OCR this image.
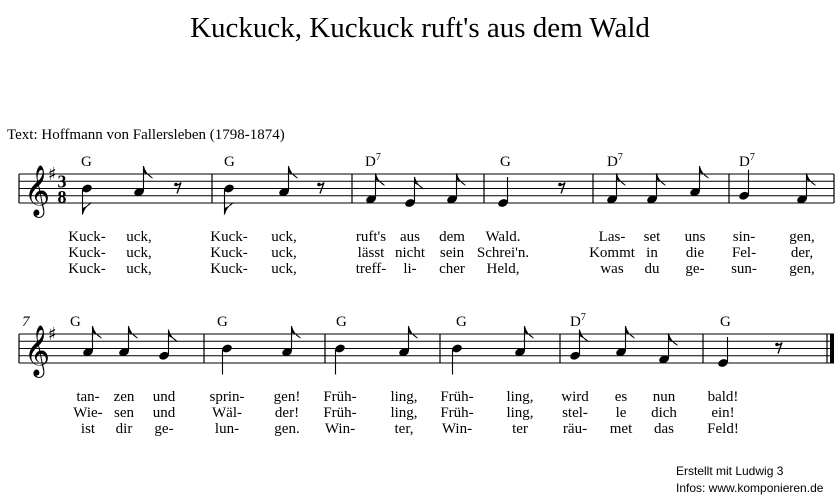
Kuckuck, Kuckuck ruft's aus dem Wald
Text: Hoffmann von Fallersleben (1798-1874)
Erstellt mit Ludwig 3
Infos: www.komponieren.de
𝄞
♯ 3
8
𝄞
♯
7
G	G	$D^7$	G	$D^7$	$D^7$
G	G	G	G	$D^7$	G
Kuck- uck,	Kuck- uck,	ruft's aus dem Wald.	Las- set uns sin- gen,
tan- zen und sprin- gen! Früh- ling, Früh- ling, wird es nun bald!
Kuck- uck,	Kuck- uck,	lässt nicht sein Schrei'n.	Kommt in die Fel- der,
Wie- sen und Wäl- der! Früh- ling, Früh- ling, stel- le dich ein!
Kuck- uck,	Kuck- uck,	treff- li- cher Held,	was du ge- sun- gen,
ist dir ge-	lun- gen. Win-	ter, Win-	ter räu- met das Feld!
